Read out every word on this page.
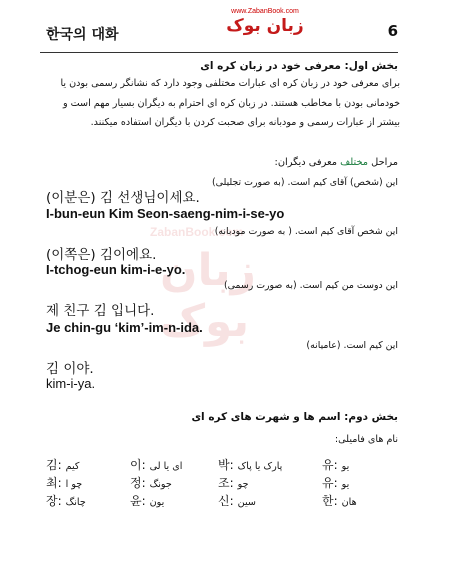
한국의 대화
www.ZabanBook.com
زبان بوک	6
ZabanBook.com
زبان بوک
بخش اول: معرفی خود در زبان کره ای
برای معرفی خود در زبان کره ای عبارات مختلفی وجود دارد که نشانگر رسمی بودن یا
خودمانی بودن با مخاطب هستند. در زبان کره ای احترام به دیگران بسیار مهم است و
بیشتر از عبارات رسمی و مودبانه برای صحبت کردن با دیگران استفاده میکنند.
مراحل مختلف معرفی دیگران:
این (شخص) آقای کیم است. (به صورت تجلیلی)
(이분은) 김 선생님이세요.
I-bun-eun Kim Seon-saeng-nim-i-se-yo
این شخص آقای کیم است. ( به صورت مودبانه)
(이쪽은) 김이에요.
I-tchog-eun kim-i-e-yo.
این دوست من کیم است. (به صورت رسمی)
제 친구 김 입니다.
Je chin-gu ‘kim’-im-n-ida.
این کیم است. (عامیانه)
김 이야.
kim-i-ya.
بخش دوم: اسم ها و شهرت های کره ای
نام های فامیلی:
김: کیم	이: ای یا لی	박: پارک یا پاک	유: یو
최: چو ا	정: جونگ	조: چو	유: یو
장: چانگ	윤: یون	신: سین	한: هان
